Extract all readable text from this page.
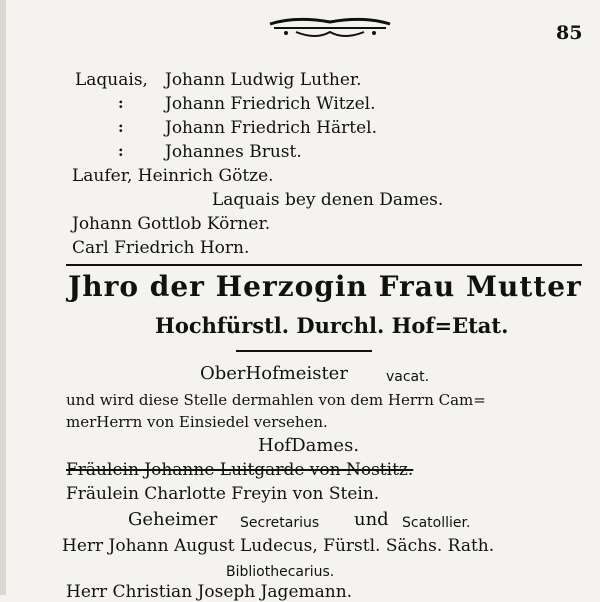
85
Laquais, Johann Ludwig Luther.
: Johann Friedrich Witzel.
: Johann Friedrich Härtel.
: Johannes Brust.
Laufer, Heinrich Götze.
Laquais bey denen Dames.
Johann Gottlob Körner.
Carl Friedrich Horn.
Jhro der Herzogin Frau Mutter
Hochfürstl. Durchl. Hof=Etat.
OberHofmeister	vacat.
und wird diese Stelle dermahlen von dem Herrn Cam=
merHerrn von Einsiedel versehen.
HofDames.
Fräulein Johanne Luitgarde von Nostitz.
Fräulein Charlotte Freyin von Stein.
Geheimer Secretarius und Scatollier.
Herr Johann August Ludecus, Fürstl. Sächs. Rath.
Bibliothecarius.
Herr Christian Joseph Jagemann.
